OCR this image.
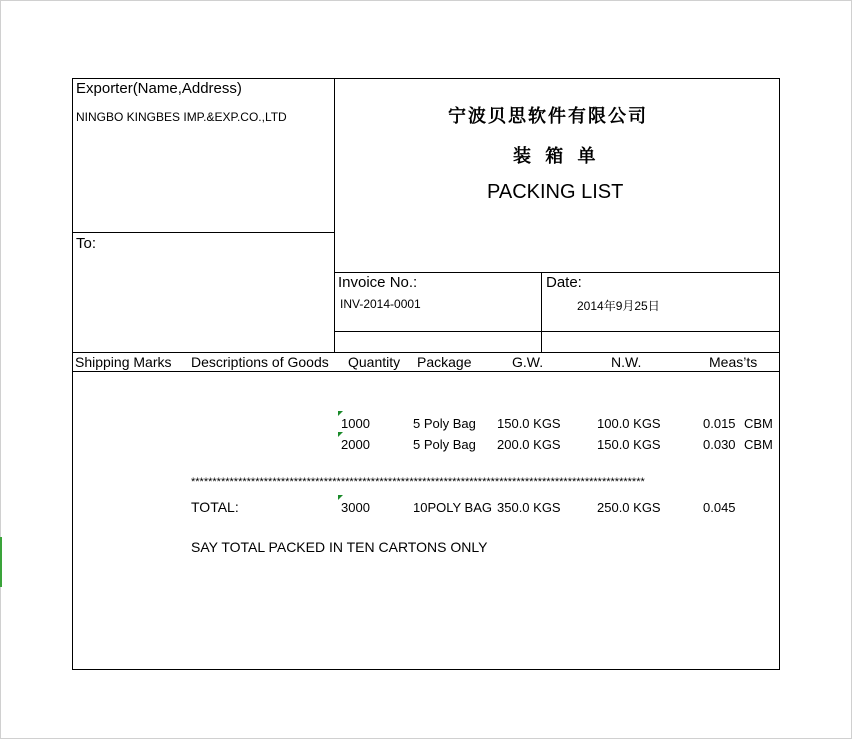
Exporter(Name,Address)
NINGBO KINGBES IMP.&EXP.CO.,LTD
To:
宁波贝思软件有限公司
装 箱 单
PACKING LIST
Invoice No.:
INV-2014-0001
Date:
2014年9月25日
Shipping Marks Descriptions of Goods Quantity Package	G.W.	N.W.	Meas’ts
1000	5 Poly Bag 150.0 KGS	100.0 KGS	0.015 CBM
2000	5 Poly Bag 200.0 KGS	150.0 KGS	0.030 CBM
**********************************************************************************************************
TOTAL:	3000	10POLY BAG 350.0 KGS	250.0 KGS	0.045
SAY TOTAL PACKED IN TEN CARTONS ONLY
